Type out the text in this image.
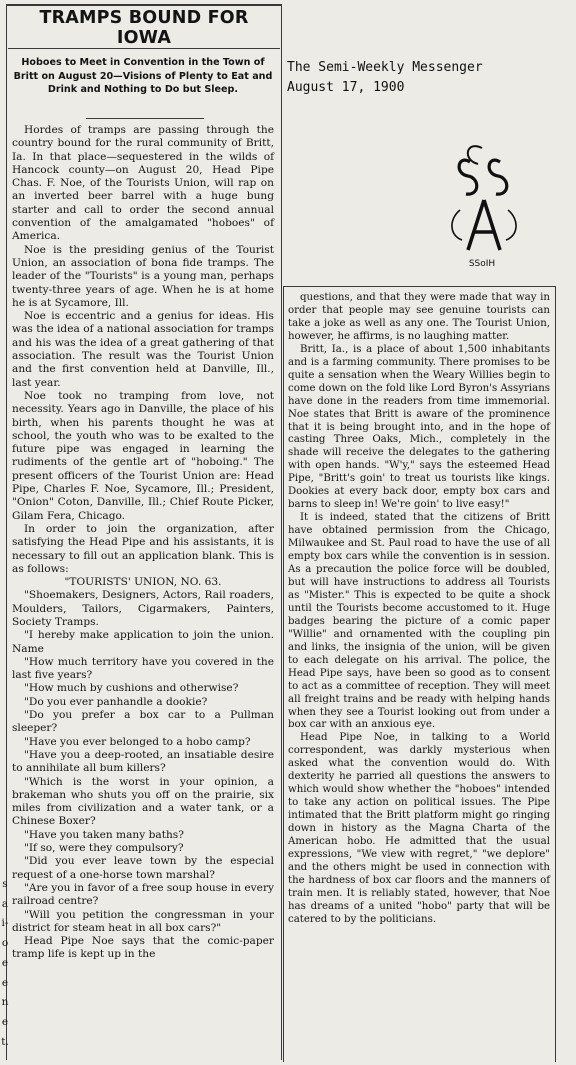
TRAMPS BOUND FOR IOWA
Hoboes to Meet in Convention in the Town of Britt on August 20—Visions of Plenty to Eat and Drink and Nothing to Do but Sleep.
The Semi-Weekly Messenger
August 17, 1900
SSoIH

Hordes of tramps are passing through the country bound for the rural community of Britt, Ia. In that place—sequestered in the wilds of Hancock county—on August 20, Head Pipe Chas. F. Noe, of the Tourists Union, will rap on an inverted beer barrel with a huge bung starter and call to order the second annual convention of the amalgamated "hoboes" of America.

Noe is the presiding genius of the Tourist Union, an association of bona fide tramps. The leader of the "Tourists" is a young man, perhaps twenty-three years of age. When he is at home he is at Sycamore, Ill.

Noe is eccentric and a genius for ideas. His was the idea of a national association for tramps and his was the idea of a great gathering of that association. The result was the Tourist Union and the first convention held at Danville, Ill., last year.

Noe took no tramping from love, not necessity. Years ago in Danville, the place of his birth, when his parents thought he was at school, the youth who was to be exalted to the future pipe was engaged in learning the rudiments of the gentle art of "hoboing." The present officers of the Tourist Union are: Head Pipe, Charles F. Noe, Sycamore, Ill.; President, "Onion" Coton, Danville, Ill.; Chief Route Picker, Gilam Fera, Chicago.

In order to join the organization, after satisfying the Head Pipe and his assistants, it is necessary to fill out an application blank. This is as follows:

"TOURISTS' UNION, NO. 63.

"Shoemakers, Designers, Actors, Rail roaders, Moulders, Tailors, Cigarmakers, Painters, Society Tramps.

"I hereby make application to join the union. Name

"How much territory have you covered in the last five years?

"How much by cushions and otherwise?

"Do you ever panhandle a dookie?

"Do you prefer a box car to a Pullman sleeper?

"Have you ever belonged to a hobo camp?

"Have you a deep-rooted, an insatiable desire to annihilate all bum killers?

"Which is the worst in your opinion, a brakeman who shuts you off on the prairie, six miles from civilization and a water tank, or a Chinese Boxer?

"Have you taken many baths?

"If so, were they compulsory?

"Did you ever leave town by the especial request of a one-horse town marshal?

"Are you in favor of a free soup house in every railroad centre?

"Will you petition the congressman in your district for steam heat in all box cars?"

Head Pipe Noe says that the comic-paper tramp life is kept up in the

questions, and that they were made that way in order that people may see genuine tourists can take a joke as well as any one. The Tourist Union, however, he affirms, is no laughing matter.

Britt, Ia., is a place of about 1,500 inhabitants and is a farming community. There promises to be quite a sensation when the Weary Willies begin to come down on the fold like Lord Byron's Assyrians have done in the readers from time immemorial. Noe states that Britt is aware of the prominence that it is being brought into, and in the hope of casting Three Oaks, Mich., completely in the shade will receive the delegates to the gathering with open hands. "W'y," says the esteemed Head Pipe, "Britt's goin' to treat us tourists like kings. Dookies at every back door, empty box cars and barns to sleep in! We're goin' to live easy!"

It is indeed, stated that the citizens of Britt have obtained permission from the Chicago, Milwaukee and St. Paul road to have the use of all empty box cars while the convention is in session. As a precaution the police force will be doubled, but will have instructions to address all Tourists as "Mister." This is expected to be quite a shock until the Tourists become accustomed to it. Huge badges bearing the picture of a comic paper "Willie" and ornamented with the coupling pin and links, the insignia of the union, will be given to each delegate on his arrival. The police, the Head Pipe says, have been so good as to consent to act as a committee of reception. They will meet all freight trains and be ready with helping hands when they see a Tourist looking out from under a box car with an anxious eye.

Head Pipe Noe, in talking to a World correspondent, was darkly mysterious when asked what the convention would do. With dexterity he parried all questions the answers to which would show whether the "hoboes" intended to take any action on political issues. The Pipe intimated that the Britt platform might go ringing down in history as the Magna Charta of the American hobo. He admitted that the usual expressions, "We view with regret," "we deplore" and the others might be used in connection with the hardness of box car floors and the manners of train men. It is reliably stated, however, that Noe has dreams of a united "hobo" party that will be catered to by the politicians.

s
a
i-
o
e
e
n
e
t.
